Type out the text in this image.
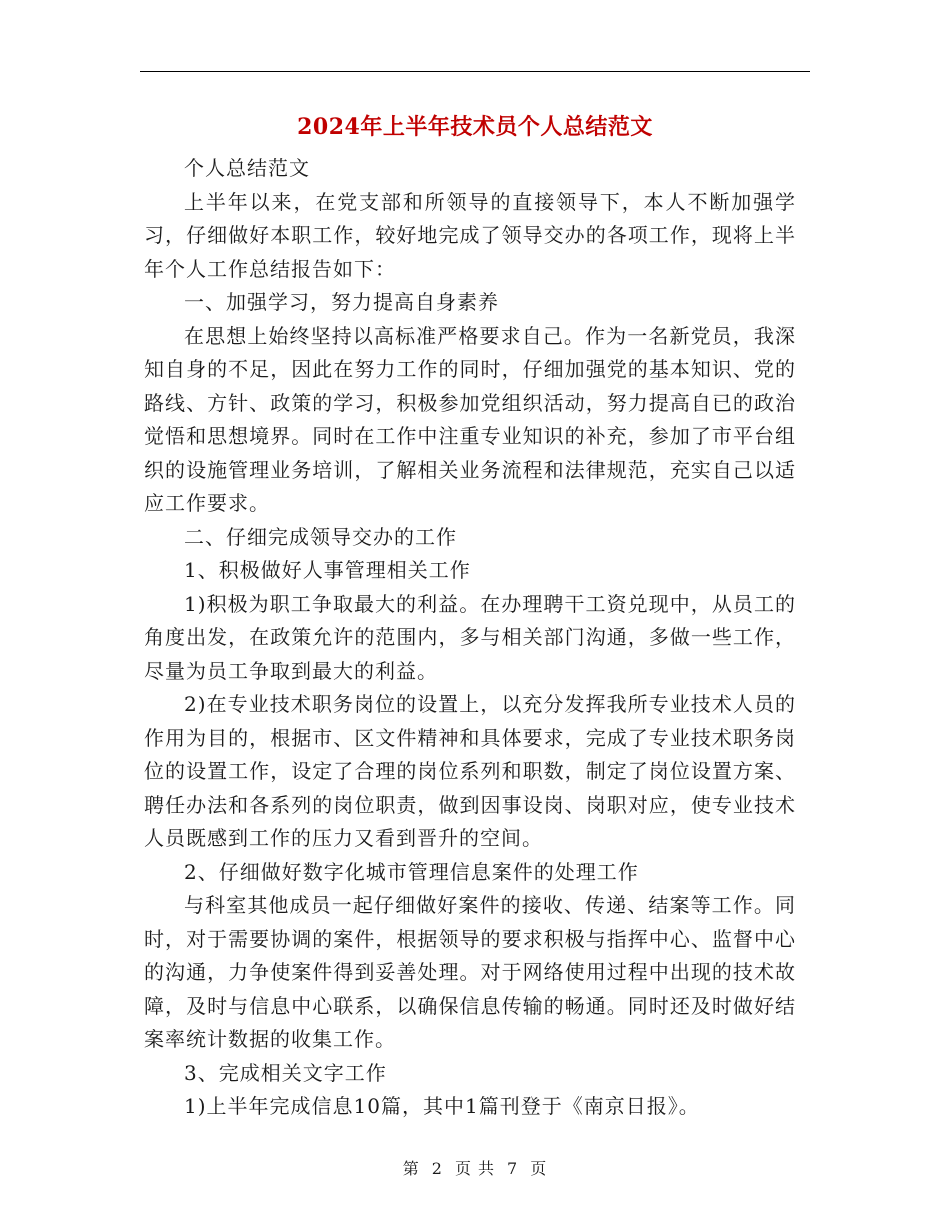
2024年上半年技术员个人总结范文

个人总结范文

上半年以来，在党支部和所领导的直接领导下，本人不断加强学习，仔细做好本职工作，较好地完成了领导交办的各项工作，现将上半年个人工作总结报告如下：

一、加强学习，努力提高自身素养

在思想上始终坚持以高标准严格要求自己。作为一名新党员，我深知自身的不足，因此在努力工作的同时，仔细加强党的基本知识、党的路线、方针、政策的学习，积极参加党组织活动，努力提高自已的政治觉悟和思想境界。同时在工作中注重专业知识的补充，参加了市平台组织的设施管理业务培训，了解相关业务流程和法律规范，充实自己以适应工作要求。

二、仔细完成领导交办的工作

1、积极做好人事管理相关工作

1)积极为职工争取最大的利益。在办理聘干工资兑现中，从员工的角度出发，在政策允许的范围内，多与相关部门沟通，多做一些工作，尽量为员工争取到最大的利益。

2)在专业技术职务岗位的设置上，以充分发挥我所专业技术人员的作用为目的，根据市、区文件精神和具体要求，完成了专业技术职务岗位的设置工作，设定了合理的岗位系列和职数，制定了岗位设置方案、聘任办法和各系列的岗位职责，做到因事设岗、岗职对应，使专业技术人员既感到工作的压力又看到晋升的空间。

2、仔细做好数字化城市管理信息案件的处理工作

与科室其他成员一起仔细做好案件的接收、传递、结案等工作。同时，对于需要协调的案件，根据领导的要求积极与指挥中心、监督中心的沟通，力争使案件得到妥善处理。对于网络使用过程中出现的技术故障，及时与信息中心联系，以确保信息传输的畅通。同时还及时做好结案率统计数据的收集工作。

3、完成相关文字工作

1)上半年完成信息10篇，其中1篇刊登于《南京日报》。

第 2 页 共 7 页
